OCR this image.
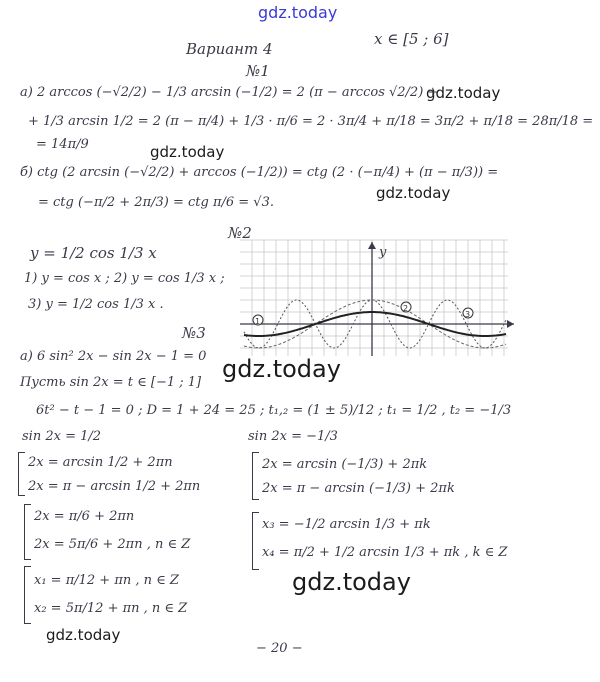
gdz.today
gdz.today
gdz.today
gdz.today
gdz.today
gdz.today
gdz.today
x ∈ [5 ; 6]
Вариант 4
№1
а) 2 arccos (−√2/2) − 1/3 arcsin (−1/2) = 2 (π − arccos √2/2) +
+ 1/3 arcsin 1/2 = 2 (π − π/4) + 1/3 · π/6 = 2 · 3π/4 + π/18 = 3π/2 + π/18 = 28π/18 =
= 14π/9
б) ctg (2 arcsin (−√2/2) + arccos (−1/2)) = ctg (2 · (−π/4) + (π − π/3)) =
= ctg (−π/2 + 2π/3) = ctg π/6 = √3.
№2
y = 1/2 cos 1/3 x
1) y = cos x ; 2) y = cos 1/3 x ;
3) y = 1/2 cos 1/3 x .
y
1
2
3
№3
а) 6 sin² 2x − sin 2x − 1 = 0
Пусть sin 2x = t ∈ [−1 ; 1]
6t² − t − 1 = 0 ; D = 1 + 24 = 25 ; t₁,₂ = (1 ± 5)/12 ; t₁ = 1/2 , t₂ = −1/3
sin 2x = 1/2
2x = arcsin 1/2 + 2πn
2x = π − arcsin 1/2 + 2πn
2x = π/6 + 2πn
2x = 5π/6 + 2πn , n ∈ Z
x₁ = π/12 + πn , n ∈ Z
x₂ = 5π/12 + πn , n ∈ Z
sin 2x = −1/3
2x = arcsin (−1/3) + 2πk
2x = π − arcsin (−1/3) + 2πk
x₃ = −1/2 arcsin 1/3 + πk
x₄ = π/2 + 1/2 arcsin 1/3 + πk , k ∈ Z
− 20 −
